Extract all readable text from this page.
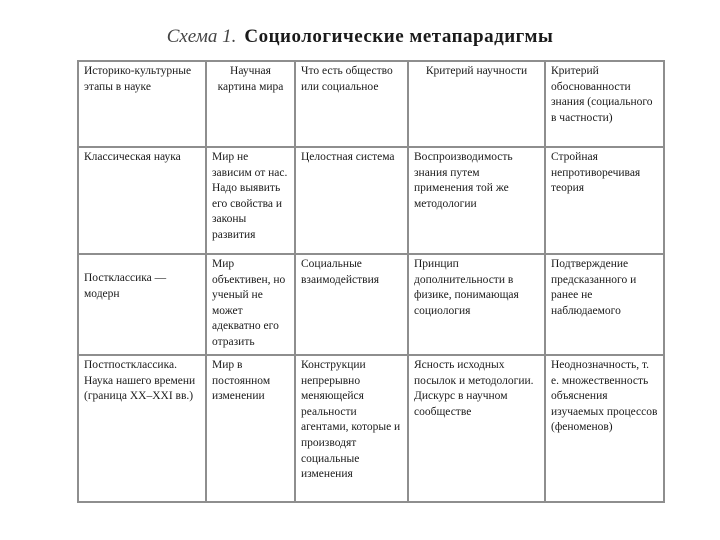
Схема 1. Социологические метапарадигмы
Историко-культурные этапы в науке	Научная картина мира	Что есть общество или социальное	Критерий научности	Критерий обоснованности знания (социального в частности)
Классическая наука	Мир не зависим от нас. Надо выявить его свойства и законы развития	Целостная система	Воспроизводимость знания путем применения той же методологии	Стройная непротиворечивая теория
Постклассика — модерн	Мир объективен, но ученый не может адекватно его отразить	Социальные взаимодействия	Принцип дополнительности в физике, понимающая социология	Подтверждение предсказанного и ранее не наблюдаемого
Постпостклассика. Наука нашего времени (граница XX–XXI вв.)	Мир в постоянном изменении	Конструкции непрерывно меняющейся реальности агентами, которые и производят социальные изменения	Ясность исходных посылок и методологии. Дискурс в научном сообществе	Неоднозначность, т. е. множественность объяснения изучаемых процессов (феноменов)
